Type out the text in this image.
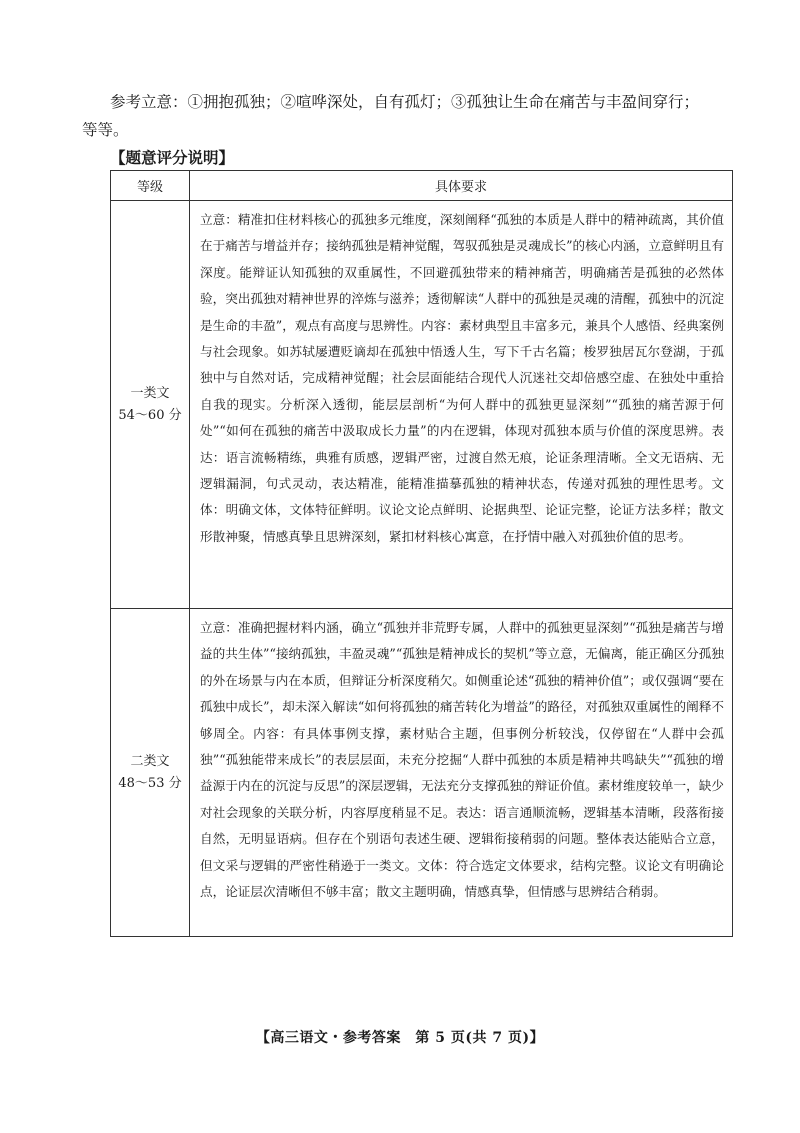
参考立意：①拥抱孤独；②喧哗深处，自有孤灯；③孤独让生命在痛苦与丰盈间穿行；
等等。

【题意评分说明】
等级	具体要求

一类文
54～60 分	立意：精准扣住材料核心的孤独多元维度，深刻阐释“孤独的本质是人群中的精神疏离，其价值在于痛苦与增益并存；接纳孤独是精神觉醒，驾驭孤独是灵魂成长”的核心内涵，立意鲜明且有深度。能辩证认知孤独的双重属性，不回避孤独带来的精神痛苦，明确痛苦是孤独的必然体验，突出孤独对精神世界的淬炼与滋养；透彻解读“人群中的孤独是灵魂的清醒，孤独中的沉淀是生命的丰盈”，观点有高度与思辨性。内容：素材典型且丰富多元，兼具个人感悟、经典案例与社会现象。如苏轼屡遭贬谪却在孤独中悟透人生，写下千古名篇；梭罗独居瓦尔登湖，于孤独中与自然对话，完成精神觉醒；社会层面能结合现代人沉迷社交却倍感空虚、在独处中重拾自我的现实。分析深入透彻，能层层剖析“为何人群中的孤独更显深刻”“孤独的痛苦源于何处”“如何在孤独的痛苦中汲取成长力量”的内在逻辑，体现对孤独本质与价值的深度思辨。表达：语言流畅精练，典雅有质感，逻辑严密，过渡自然无痕，论证条理清晰。全文无语病、无逻辑漏洞，句式灵动，表达精准，能精准描摹孤独的精神状态，传递对孤独的理性思考。文体：明确文体，文体特征鲜明。议论文论点鲜明、论据典型、论证完整，论证方法多样；散文形散神聚，情感真挚且思辨深刻，紧扣材料核心寓意，在抒情中融入对孤独价值的思考。

二类文
48～53 分	立意：准确把握材料内涵，确立“孤独并非荒野专属，人群中的孤独更显深刻”“孤独是痛苦与增益的共生体”“接纳孤独，丰盈灵魂”“孤独是精神成长的契机”等立意，无偏离，能正确区分孤独的外在场景与内在本质，但辩证分析深度稍欠。如侧重论述“孤独的精神价值”；或仅强调“要在孤独中成长”，却未深入解读“如何将孤独的痛苦转化为增益”的路径，对孤独双重属性的阐释不够周全。内容：有具体事例支撑，素材贴合主题，但事例分析较浅，仅停留在“人群中会孤独”“孤独能带来成长”的表层层面，未充分挖掘“人群中孤独的本质是精神共鸣缺失”“孤独的增益源于内在的沉淀与反思”的深层逻辑，无法充分支撑孤独的辩证价值。素材维度较单一，缺少对社会现象的关联分析，内容厚度稍显不足。表达：语言通顺流畅，逻辑基本清晰，段落衔接自然，无明显语病。但存在个别语句表述生硬、逻辑衔接稍弱的问题。整体表达能贴合立意，但文采与逻辑的严密性稍逊于一类文。文体：符合选定文体要求，结构完整。议论文有明确论点，论证层次清晰但不够丰富；散文主题明确，情感真挚，但情感与思辨结合稍弱。
【高三语文・参考答案　第 5 页(共 7 页)】
